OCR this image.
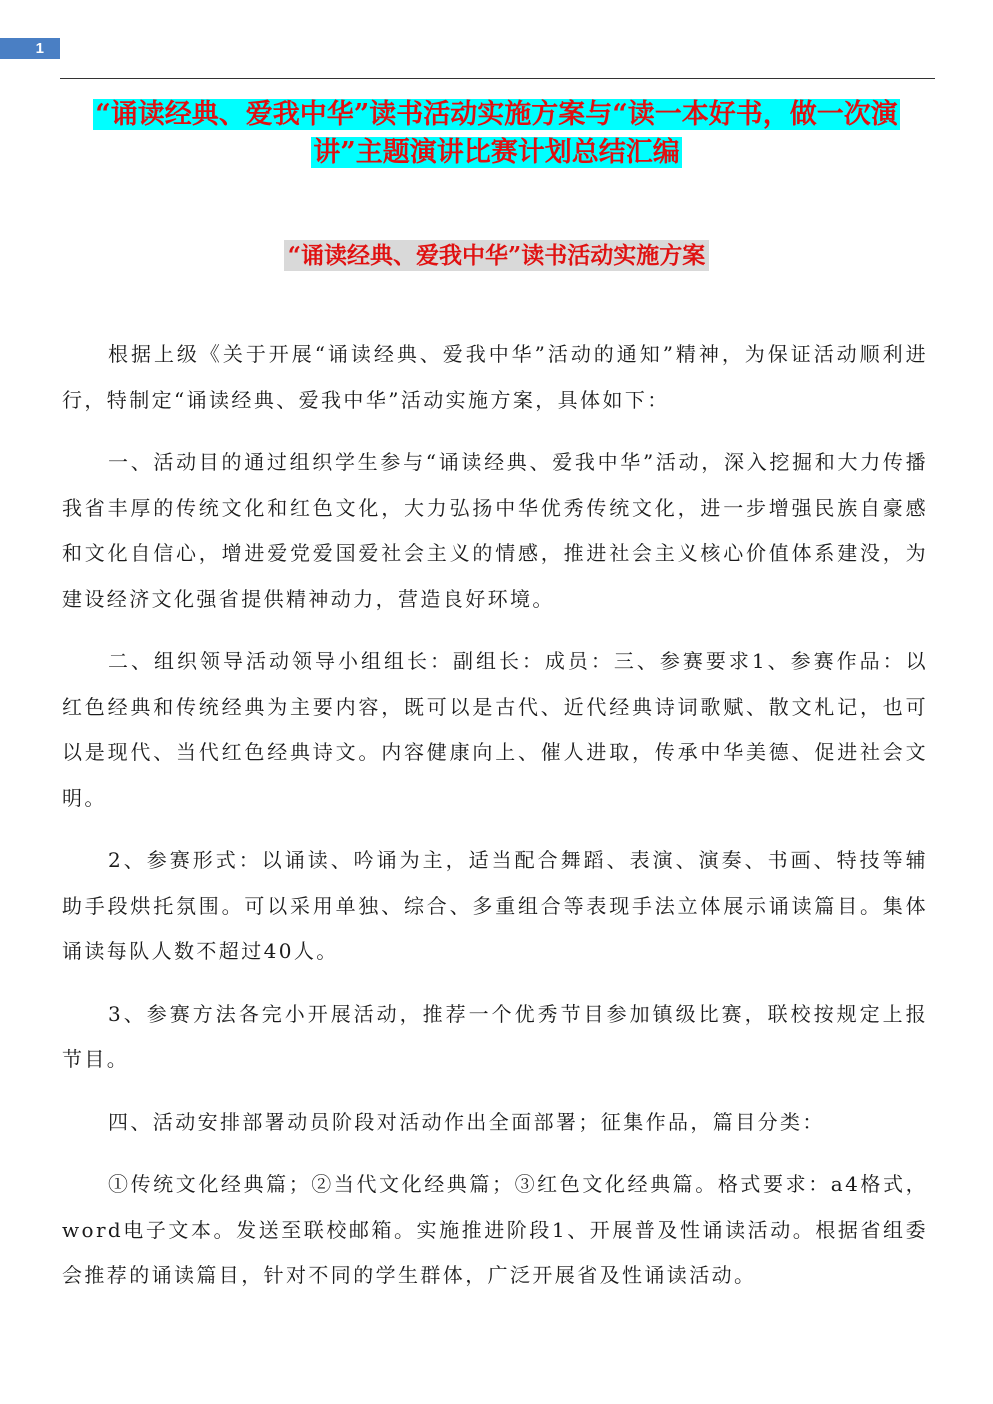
1
“诵读经典、爱我中华”读书活动实施方案与“读一本好书，做一次演讲”主题演讲比赛计划总结汇编
“诵读经典、爱我中华”读书活动实施方案

根据上级《关于开展“诵读经典、爱我中华”活动的通知”精神，为保证活动顺利进行，特制定“诵读经典、爱我中华”活动实施方案，具体如下：

一、活动目的通过组织学生参与“诵读经典、爱我中华”活动，深入挖掘和大力传播我省丰厚的传统文化和红色文化，大力弘扬中华优秀传统文化，进一步增强民族自豪感和文化自信心，增进爱党爱国爱社会主义的情感，推进社会主义核心价值体系建没，为建设经济文化强省提供精神动力，营造良好环境。

二、组织领导活动领导小组组长：副组长：成员：三、参赛要求1、参赛作品：以红色经典和传统经典为主要内容，既可以是古代、近代经典诗词歌赋、散文札记，也可以是现代、当代红色经典诗文。内容健康向上、催人进取，传承中华美德、促进社会文明。

2、参赛形式：以诵读、吟诵为主，适当配合舞蹈、表演、演奏、书画、特技等辅助手段烘托氛围。可以采用单独、综合、多重组合等表现手法立体展示诵读篇目。集体诵读每队人数不超过40人。

3、参赛方法各完小开展活动，推荐一个优秀节目参加镇级比赛，联校按规定上报节目。

四、活动安排部署动员阶段对活动作出全面部署；征集作品，篇目分类：

①传统文化经典篇；②当代文化经典篇；③红色文化经典篇。格式要求：a4格式，word电子文本。发送至联校邮箱。实施推进阶段1、开展普及性诵读活动。根据省组委会推荐的诵读篇目，针对不同的学生群体，广泛开展省及性诵读活动。
